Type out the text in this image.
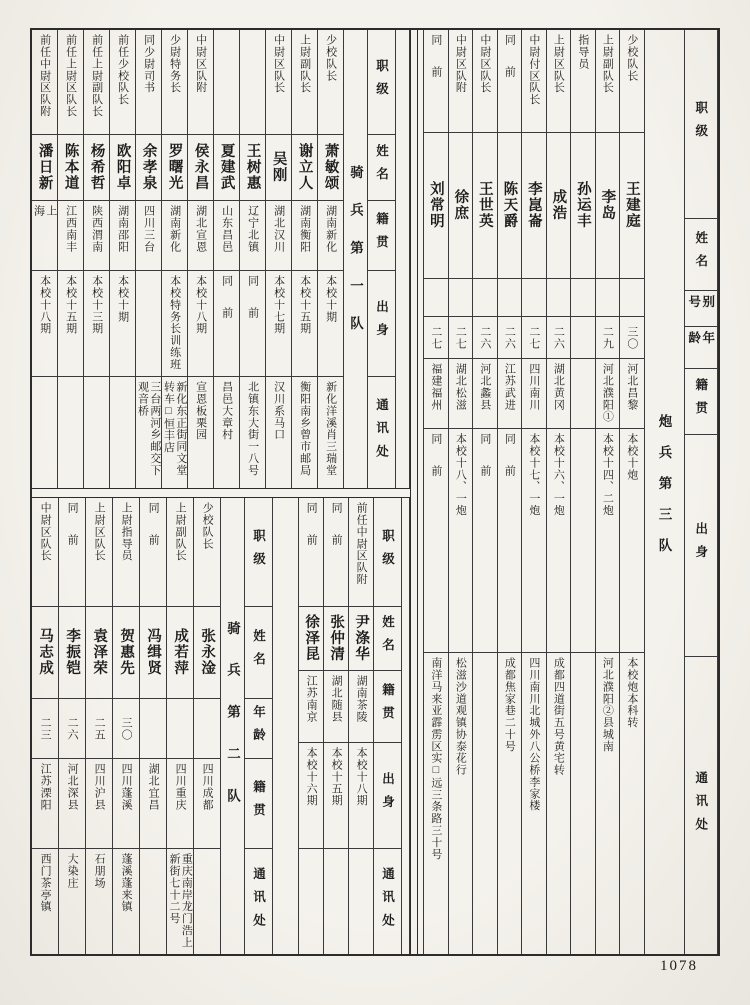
前任中尉区队附
潘日新
上海
本校十八期
前任上尉区队长
陈本道
江西南丰
本校十五期
前任上尉副队长
杨希哲
陕西渭南
本校十三期
前任少校队长
欧阳卓
湖南邵阳
本校十期
同少尉司书
余孝泉
四川三台
三台两河乡邮交下观音桥
少尉特务长
罗曙光
湖南新化
本校特务长训练班
新化东正街同文堂转车□恒丰店
中尉区队附
侯永昌
湖北宣恩
本校十八期
宣恩板栗园
夏建武
山东昌邑
同前
昌邑大章村
王树惠
辽宁北镇
同前
北镇东大街一八号
中尉区队长
吴刚
湖北汉川
本校十七期
汉川系马口
上尉副队长
谢立人
湖南衡阳
本校十五期
衡阳南乡曾市邮局
少校队长
萧敏颂
湖南新化
本校十期
新化洋溪肖三瑞堂
骑兵第一队
职级
姓名
籍贯
出身
通讯处
中尉区队长
马志成
二三
江苏溧阳
西门茶亭镇
同前
李振铠
二六
河北深县
大染庄
上尉区队长
袁泽荣
二五
四川沪县
石朋场
上尉指导员
贺惠先
三〇
四川蓬溪
蓬溪蓬来镇
同前
冯缉贤
湖北宜昌
上尉副队长
成若萍
四川重庆
重庆南岸龙门浩上新街七十二号
少校队长
张永淦
四川成都 骑兵第二队
职级
姓名
年龄
籍贯
通讯处
同前
徐泽昆
江苏南京
本校十六期
同前
张仲清
湖北随县
本校十五期
前任中尉区队附
尹涤华
湖南茶陵
本校十八期
职级
姓名
籍贯
出身
通讯处
同前
刘常明
二七
福建福州
同前
南洋马来亚霹雳区实□远三条路三十号
中尉区队附
徐庶
二七
湖北松滋
本校十八、一炮
松滋沙道观镇协泰花行
中尉区队长
王世英
二六
河北蠡县
同前
同前
陈天爵
二六
江苏武进
同前
成都焦家巷二十号
中尉付区队长
李崑崙
二七
四川南川
本校十七、一炮
四川南川北城外八公桥李家楼
上尉区队长
成浩
二六
湖北黄冈
本校十六、一炮
成都四道街五号黄宅转
指导员
孙运丰
上尉副队长
李岛
二九
河北濮阳①
本校十四、二炮
河北濮阳②县城南
少校队长
王建庭
三〇
河北昌黎
本校十炮
本校炮本科转
炮兵第三队
职级
姓名
别号
年龄
籍贯
出身
通讯处
1078
